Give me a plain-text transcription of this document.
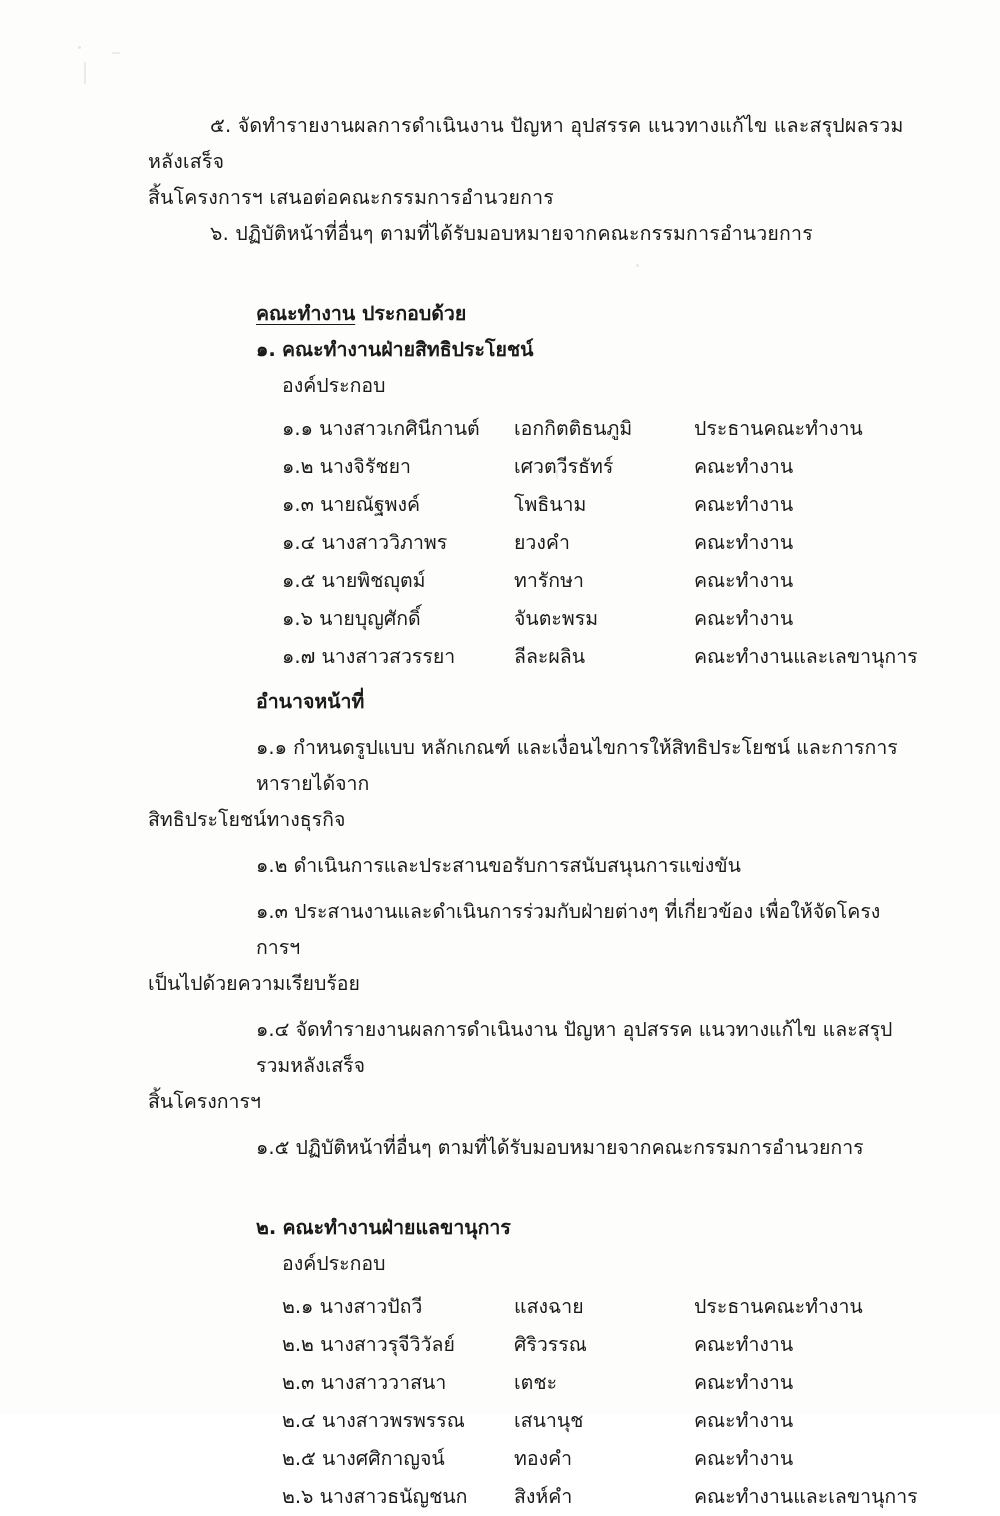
๕. จัดทำรายงานผลการดำเนินงาน ปัญหา อุปสรรค แนวทางแก้ไข และสรุปผลรวมหลังเสร็จ

สิ้นโครงการฯ เสนอต่อคณะกรรมการอำนวยการ

๖. ปฏิบัติหน้าที่อื่นๆ ตามที่ได้รับมอบหมายจากคณะกรรมการอำนวยการ

คณะทำงาน ประกอบด้วย
๑. คณะทำงานฝ่ายสิทธิประโยชน์
องค์ประกอบ
๑.๑ นางสาวเกศินีกานต์	เอกกิตติธนภูมิ	ประธานคณะทำงาน
๑.๒ นางจิรัชยา	เศวตวีรธัทร์	คณะทำงาน
๑.๓ นายณัฐพงค์	โพธินาม	คณะทำงาน
๑.๔ นางสาววิภาพร	ยวงคำ	คณะทำงาน
๑.๕ นายพิชญุตม์	ทารักษา	คณะทำงาน
๑.๖ นายบุญศักดิ์	จันตะพรม	คณะทำงาน
๑.๗ นางสาวสวรรยา	ลีละผลิน	คณะทำงานและเลขานุการ
อำนาจหน้าที่
๑.๑ กำหนดรูปแบบ หลักเกณฑ์ และเงื่อนไขการให้สิทธิประโยชน์ และการการหารายได้จาก
สิทธิประโยชน์ทางธุรกิจ
๑.๒ ดำเนินการและประสานขอรับการสนับสนุนการแข่งขัน
๑.๓ ประสานงานและดำเนินการร่วมกับฝ่ายต่างๆ ที่เกี่ยวข้อง เพื่อให้จัดโครงการฯ
เป็นไปด้วยความเรียบร้อย
๑.๔ จัดทำรายงานผลการดำเนินงาน ปัญหา อุปสรรค แนวทางแก้ไข และสรุปรวมหลังเสร็จ
สิ้นโครงการฯ
๑.๕ ปฏิบัติหน้าที่อื่นๆ ตามที่ได้รับมอบหมายจากคณะกรรมการอำนวยการ
๒. คณะทำงานฝ่ายแลขานุการ
องค์ประกอบ
๒.๑ นางสาวปัถวี	แสงฉาย	ประธานคณะทำงาน
๒.๒ นางสาวรุจีวิวัลย์	ศิริวรรณ	คณะทำงาน
๒.๓ นางสาววาสนา	เตชะ	คณะทำงาน
๒.๔ นางสาวพรพรรณ	เสนานุช	คณะทำงาน
๒.๕ นางศศิกาญจน์	ทองคำ	คณะทำงาน
๒.๖ นางสาวธนัญชนก	สิงห์คำ	คณะทำงานและเลขานุการ
